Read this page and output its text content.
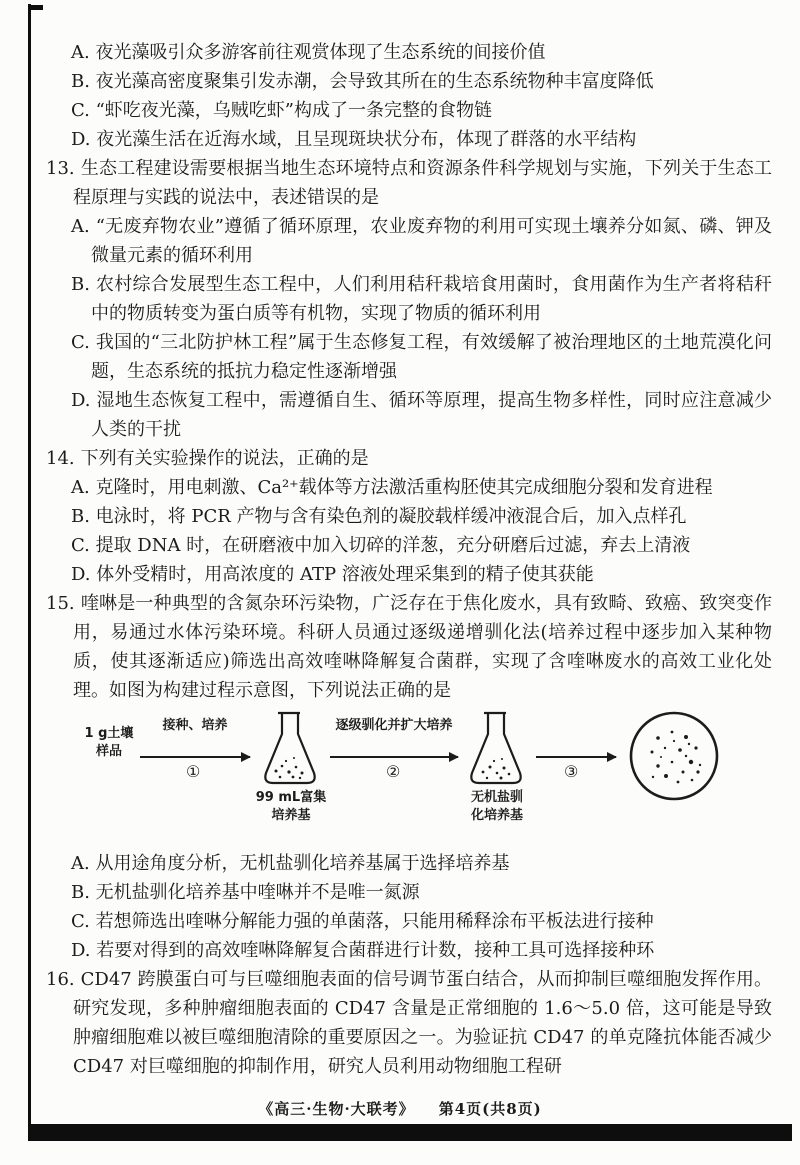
A. 夜光藻吸引众多游客前往观赏体现了生态系统的间接价值

B. 夜光藻高密度聚集引发赤潮，会导致其所在的生态系统物种丰富度降低

C. “虾吃夜光藻，乌贼吃虾”构成了一条完整的食物链

D. 夜光藻生活在近海水域，且呈现斑块状分布，体现了群落的水平结构

13. 生态工程建设需要根据当地生态环境特点和资源条件科学规划与实施，下列关于生态工程原理与实践的说法中，表述错误的是

A. “无废弃物农业”遵循了循环原理，农业废弃物的利用可实现土壤养分如氮、磷、钾及微量元素的循环利用

B. 农村综合发展型生态工程中，人们利用秸秆栽培食用菌时，食用菌作为生产者将秸秆中的物质转变为蛋白质等有机物，实现了物质的循环利用

C. 我国的“三北防护林工程”属于生态修复工程，有效缓解了被治理地区的土地荒漠化问题，生态系统的抵抗力稳定性逐渐增强

D. 湿地生态恢复工程中，需遵循自生、循环等原理，提高生物多样性，同时应注意减少人类的干扰

14. 下列有关实验操作的说法，正确的是

A. 克隆时，用电刺激、Ca²⁺载体等方法激活重构胚使其完成细胞分裂和发育进程

B. 电泳时，将 PCR 产物与含有染色剂的凝胶载样缓冲液混合后，加入点样孔

C. 提取 DNA 时，在研磨液中加入切碎的洋葱，充分研磨后过滤，弃去上清液

D. 体外受精时，用高浓度的 ATP 溶液处理采集到的精子使其获能

15. 喹啉是一种典型的含氮杂环污染物，广泛存在于焦化废水，具有致畸、致癌、致突变作用，易通过水体污染环境。科研人员通过逐级递增驯化法(培养过程中逐步加入某种物质，使其逐渐适应)筛选出高效喹啉降解复合菌群，实现了含喹啉废水的高效工业化处理。如图为构建过程示意图，下列说法正确的是

1 g土壤
样品
接种、培养
①
99 mL富集
培养基
逐级驯化并扩大培养
②
无机盐驯
化培养基
③

A. 从用途角度分析，无机盐驯化培养基属于选择培养基

B. 无机盐驯化培养基中喹啉并不是唯一氮源

C. 若想筛选出喹啉分解能力强的单菌落，只能用稀释涂布平板法进行接种

D. 若要对得到的高效喹啉降解复合菌群进行计数，接种工具可选择接种环

16. CD47 跨膜蛋白可与巨噬细胞表面的信号调节蛋白结合，从而抑制巨噬细胞发挥作用。研究发现，多种肿瘤细胞表面的 CD47 含量是正常细胞的 1.6～5.0 倍，这可能是导致肿瘤细胞难以被巨噬细胞清除的重要原因之一。为验证抗 CD47 的单克隆抗体能否减少 CD47 对巨噬细胞的抑制作用，研究人员利用动物细胞工程研

《高三·生物·大联考》 第4页(共8页)
